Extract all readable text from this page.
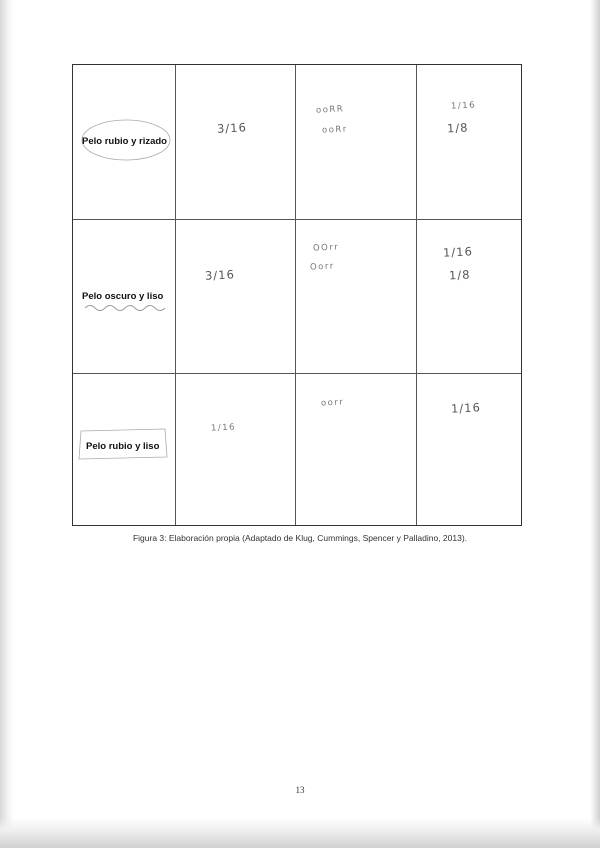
Pelo rubio y rizado
3/16
ooRR
ooRr
1/16
1/8
Pelo oscuro y liso
3/16
OOrr
Oorr
1/16
1/8
Pelo rubio y liso
1/16
oorr	1/16
Figura 3: Elaboración propia (Adaptado de Klug, Cummings, Spencer y Palladino, 2013).
13
